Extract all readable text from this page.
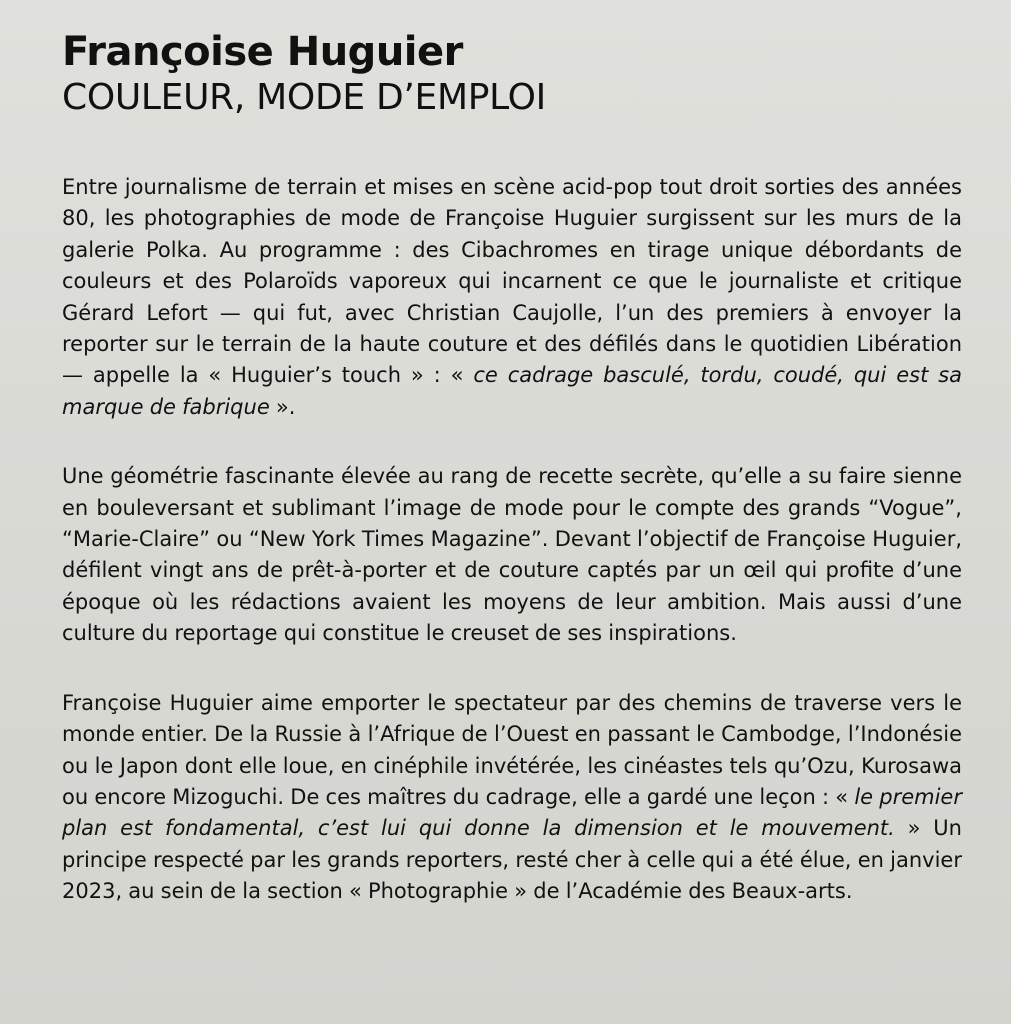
Françoise Huguier
COULEUR, MODE D’EMPLOI

Entre journalisme de terrain et mises en scène acid-pop tout droit sorties des années 80, les photographies de mode de Françoise Huguier surgissent sur les murs de la galerie Polka. Au programme : des Cibachromes en tirage unique débordants de couleurs et des Polaroïds vaporeux qui incarnent ce que le journaliste et critique Gérard Lefort — qui fut, avec Christian Caujolle, l’un des premiers à envoyer la reporter sur le terrain de la haute couture et des défilés dans le quotidien Libération — appelle la « Huguier’s touch » : « ce cadrage basculé, tordu, coudé, qui est sa marque de fabrique ».

Une géométrie fascinante élevée au rang de recette secrète, qu’elle a su faire sienne en bouleversant et sublimant l’image de mode pour le compte des grands “Vogue”, “Marie-Claire” ou “New York Times Magazine”. Devant l’objectif de Françoise Huguier, défilent vingt ans de prêt-à-porter et de couture captés par un œil qui profite d’une époque où les rédactions avaient les moyens de leur ambition. Mais aussi d’une culture du reportage qui constitue le creuset de ses inspirations.

Françoise Huguier aime emporter le spectateur par des chemins de traverse vers le monde entier. De la Russie à l’Afrique de l’Ouest en passant le Cambodge, l’Indonésie ou le Japon dont elle loue, en cinéphile invétérée, les cinéastes tels qu’Ozu, Kurosawa ou encore Mizoguchi. De ces maîtres du cadrage, elle a gardé une leçon : « le premier plan est fondamental, c’est lui qui donne la dimension et le mouvement. » Un principe respecté par les grands reporters, resté cher à celle qui a été élue, en janvier 2023, au sein de la section « Photographie » de l’Académie des Beaux-arts.
